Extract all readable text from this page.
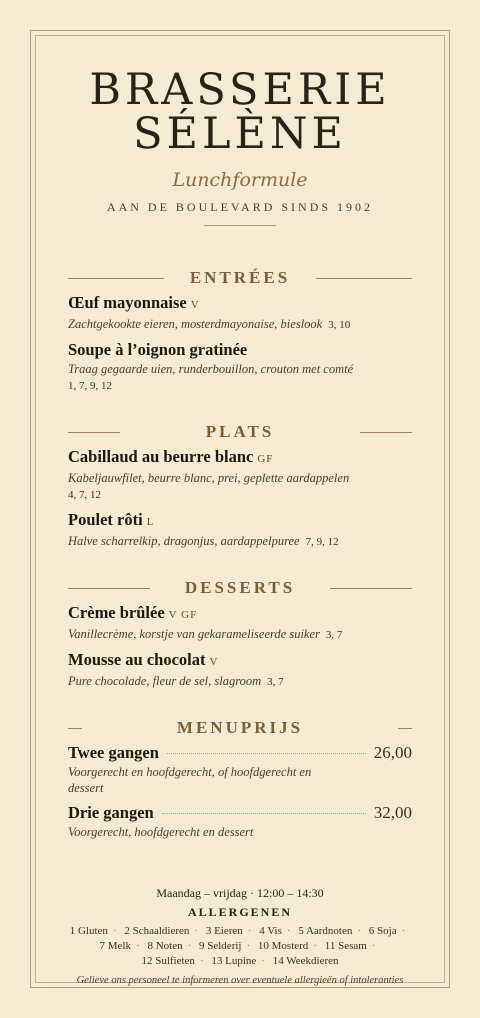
BRASSERIE
SÉLÈNE
Lunchformule
AAN DE BOULEVARD SINDS 1902
ENTRÉES
Œuf mayonnaise V
Zachtgekookte eieren, mosterdmayonaise, bieslook 3, 10
Soupe à l’oignon gratinée
Traag gegaarde uien, runderbouillon, crouton met comté
1, 7, 9, 12
PLATS
Cabillaud au beurre blanc GF
Kabeljauwfilet, beurre blanc, prei, geplette aardappelen
4, 7, 12
Poulet rôti L
Halve scharrelkip, dragonjus, aardappelpuree 7, 9, 12
DESSERTS
Crème brûlée V GF
Vanillecrème, korstje van gekarameliseerde suiker 3, 7
Mousse au chocolat V
Pure chocolade, fleur de sel, slagroom 3, 7
MENUPRIJS
Twee gangen	26,00
Voorgerecht en hoofdgerecht, of hoofdgerecht en dessert
Drie gangen	32,00
Voorgerecht, hoofdgerecht en dessert
Maandag – vrijdag · 12:00 – 14:30
ALLERGENEN
1 Gluten · 2 Schaaldieren · 3 Eieren · 4 Vis · 5 Aardnoten · 6 Soja · 7 Melk · 8 Noten · 9 Selderij · 10 Mosterd · 11 Sesam · 12 Sulfieten · 13 Lupine · 14 Weekdieren
Gelieve ons personeel te informeren over eventuele allergieën of intoleranties
